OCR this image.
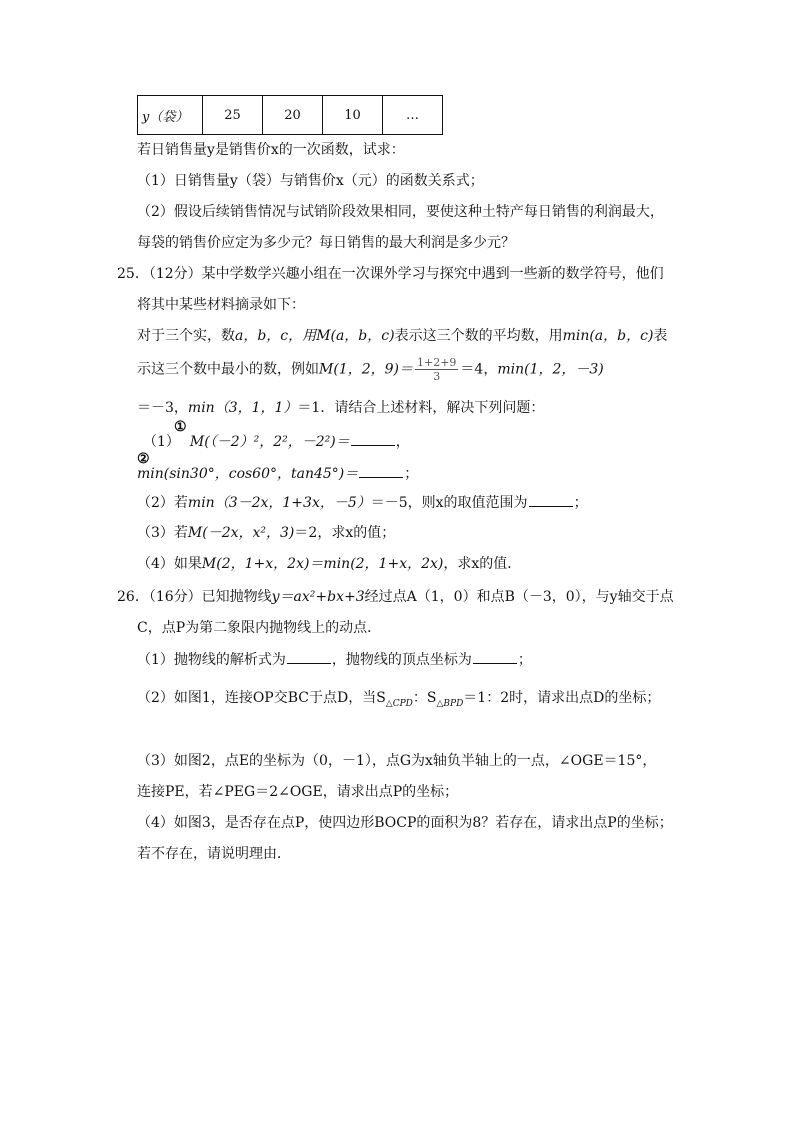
y（袋）	25	20	10	…
若日销售量y是销售价x的一次函数，试求：
（1）日销售量y（袋）与销售价x（元）的函数关系式；
（2）假设后续销售情况与试销阶段效果相同，要使这种土特产每日销售的利润最大，
每袋的销售价应定为多少元？每日销售的最大利润是多少元？
25．（12分）某中学数学兴趣小组在一次课外学习与探究中遇到一些新的数学符号，他们
将其中某些材料摘录如下：
对于三个实，数a，b，c，用M(a，b，c)表示这三个数的平均数，用min(a，b，c)表
示这三个数中最小的数，例如M(1，2，$9)= \frac{1+2+9}{3} =4$，min(1，2，－3)
＝－3，min（3，1，1）＝1．请结合上述材料，解决下列问题：
①
（1） M(（－2）²，2²，－2²)＝	，
②
min(sin30°，cos60°，tan45°)＝	；
（2）若min（3－2x，1+3x，－5）＝－5，则x的取值范围为	；
（3）若M(－2x，x²，3)＝2，求x的值；
（4）如果M(2，1+x，2x)＝min(2，1+x，2x)，求x的值．
26．（16分）已知抛物线y＝ax²+bx+3经过点A（1，0）和点B（－3，0），与y轴交于点
C，点P为第二象限内抛物线上的动点．
（1）抛物线的解析式为	，抛物线的顶点坐标为	；
（2）如图1，连接OP交BC于点D，当$S_{\triangle CPD}$：$S_{\triangle BPD}=1$：2时，请求出点D的坐标；
（3）如图2，点E的坐标为（0，－1），点G为x轴负半轴上的一点，∠OGE＝15°，
连接PE，若∠PEG＝2∠OGE，请求出点P的坐标；
（4）如图3，是否存在点P，使四边形BOCP的面积为8？若存在，请求出点P的坐标；
若不存在，请说明理由．
